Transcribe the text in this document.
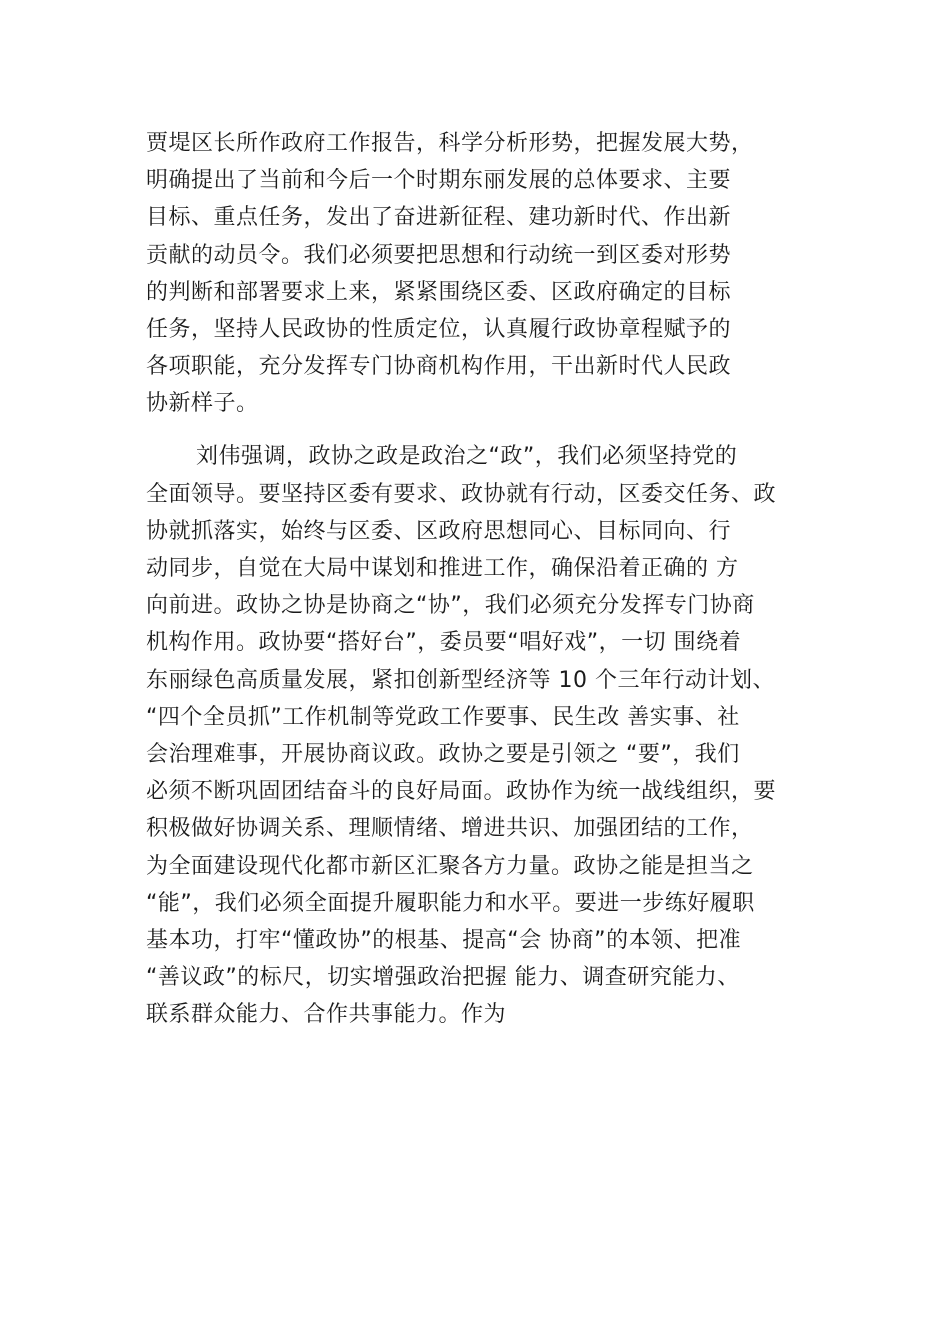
贾堤区长所作政府工作报告，科学分析形势，把握发展大势，
明确提出了当前和今后一个时期东丽发展的总体要求、主要
目标、重点任务，发出了奋进新征程、建功新时代、作出新
贡献的动员令。我们必须要把思想和行动统一到区委对形势
的判断和部署要求上来，紧紧围绕区委、区政府确定的目标
任务，坚持人民政协的性质定位，认真履行政协章程赋予的
各项职能，充分发挥专门协商机构作用，干出新时代人民政
协新样子。
刘伟强调，政协之政是政治之“政”，我们必须坚持党的
全面领导。要坚持区委有要求、政协就有行动，区委交任务、政
协就抓落实，始终与区委、区政府思想同心、目标同向、行
动同步，自觉在大局中谋划和推进工作，确保沿着正确的 方
向前进。政协之协是协商之“协”，我们必须充分发挥专门协商
机构作用。政协要“搭好台”，委员要“唱好戏”，一切 围绕着
东丽绿色高质量发展，紧扣创新型经济等 10 个三年行动计划、
“四个全员抓”工作机制等党政工作要事、民生改 善实事、社
会治理难事，开展协商议政。政协之要是引领之 “要”，我们
必须不断巩固团结奋斗的良好局面。政协作为统一战线组织，要
积极做好协调关系、理顺情绪、增进共识、加强团结的工作，
为全面建设现代化都市新区汇聚各方力量。政协之能是担当之
“能”，我们必须全面提升履职能力和水平。要进一步练好履职
基本功，打牢“懂政协”的根基、提高“会 协商”的本领、把准
“善议政”的标尺，切实增强政治把握 能力、调查研究能力、
联系群众能力、合作共事能力。作为
